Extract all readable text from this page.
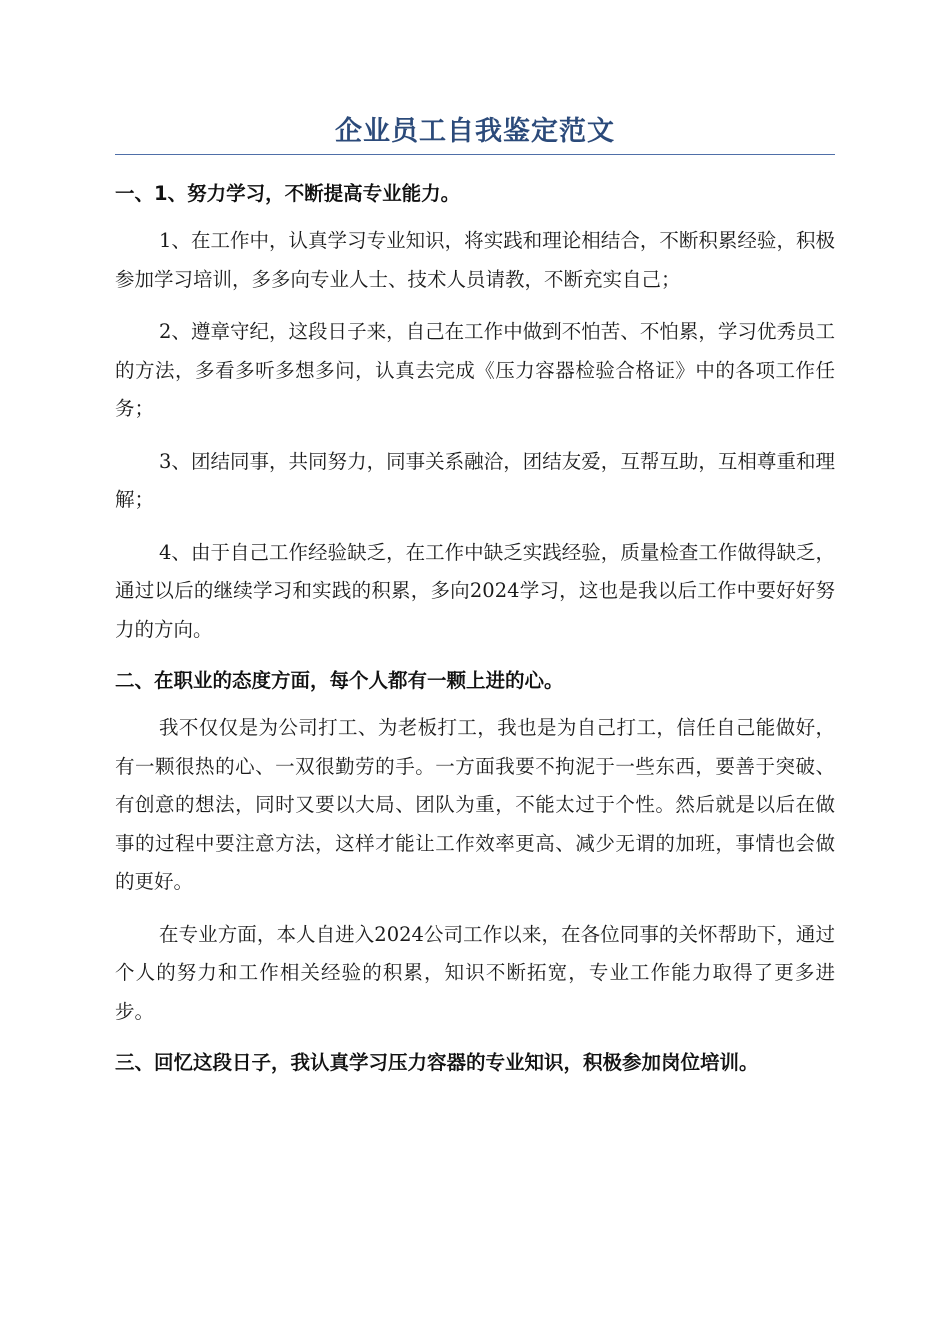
企业员工自我鉴定范文
一、1、努力学习，不断提高专业能力。

1、在工作中，认真学习专业知识，将实践和理论相结合，不断积累经验，积极参加学习培训，多多向专业人士、技术人员请教，不断充实自己；

2、遵章守纪，这段日子来，自己在工作中做到不怕苦、不怕累，学习优秀员工的方法，多看多听多想多问，认真去完成《压力容器检验合格证》中的各项工作任务；

3、团结同事，共同努力，同事关系融洽，团结友爱，互帮互助，互相尊重和理解；

4、由于自己工作经验缺乏，在工作中缺乏实践经验，质量检查工作做得缺乏，通过以后的继续学习和实践的积累，多向2024学习，这也是我以后工作中要好好努力的方向。

二、在职业的态度方面，每个人都有一颗上进的心。

我不仅仅是为公司打工、为老板打工，我也是为自己打工，信任自己能做好，有一颗很热的心、一双很勤劳的手。一方面我要不拘泥于一些东西，要善于突破、有创意的想法，同时又要以大局、团队为重，不能太过于个性。然后就是以后在做事的过程中要注意方法，这样才能让工作效率更高、减少无谓的加班，事情也会做的更好。

在专业方面，本人自进入2024公司工作以来，在各位同事的关怀帮助下，通过个人的努力和工作相关经验的积累，知识不断拓宽，专业工作能力取得了更多进步。

三、回忆这段日子，我认真学习压力容器的专业知识，积极参加岗位培训。
